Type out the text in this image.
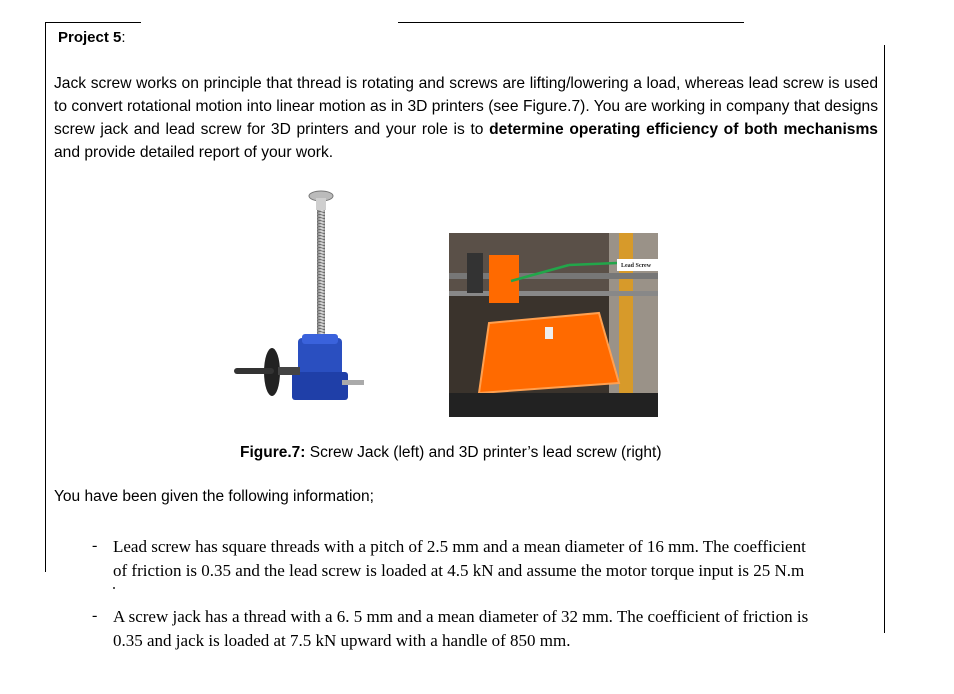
Project 5:
Jack screw works on principle that thread is rotating and screws are lifting/lowering a load, whereas lead screw is used to convert rotational motion into linear motion as in 3D printers (see Figure.7). You are working in company that designs screw jack and lead screw for 3D printers and your role is to determine operating efficiency of both mechanisms and provide detailed report of your work.
Lead Screw
Figure.7: Screw Jack (left) and 3D printer’s lead screw (right)
You have been given the following information;
- Lead screw has square threads with a pitch of 2.5 mm and a mean diameter of 16 mm. The coefficient
of friction is 0.35 and the lead screw is loaded at 4.5 kN and assume the motor torque input is 25 N.m
- A screw jack has a thread with a 6. 5 mm and a mean diameter of 32 mm. The coefficient of friction is
0.35 and jack is loaded at 7.5 kN upward with a handle of 850 mm.
